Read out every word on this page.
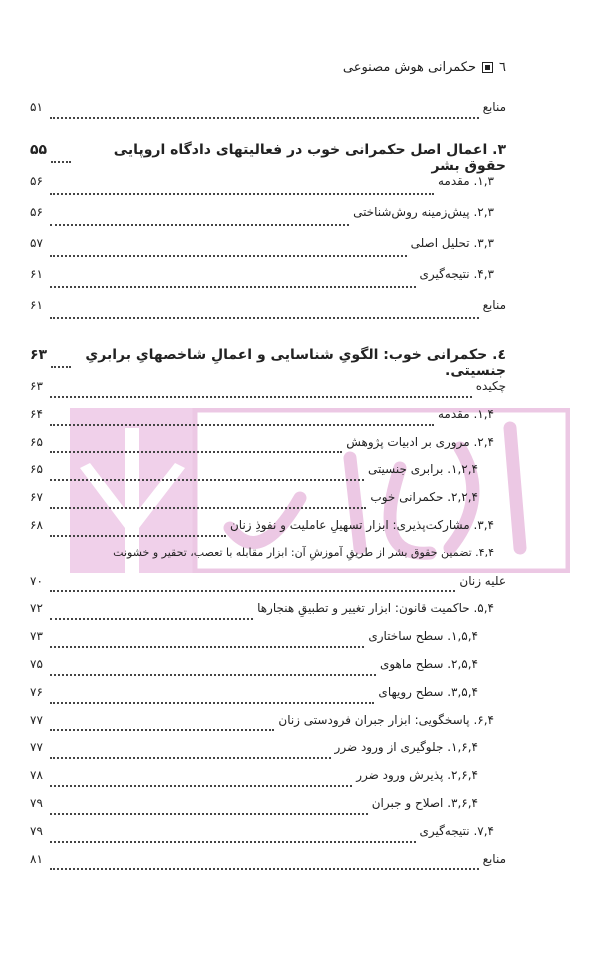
٦
حکمرانی هوش مصنوعی
منابع
۵۱
۳. اعمال اصل حکمرانی خوب در فعالیتهای دادگاه اروپایی حقوق بشر
۵۵
۱,۳. مقدمه
۵۶
۲,۳. پیش‌زمینه روش‌شناختی
۵۶
۳,۳. تحلیل اصلی
۵۷
۴,۳. نتیجه‌گیری
۶۱
منابع
۶۱
٤. حکمرانی خوب: الگویِ شناسایی و اعمالِ شاخصهایِ برابریِ جنسیتی.
۶۳
چکیده
۶۳
۱,۴. مقدمه
۶۴
۲,۴. مروری بر ادبیات پژوهش
۶۵
۱,۲,۴. برابری جنسیتی
۶۵
۲,۲,۴. حکمرانی خوب
۶۷
۳,۴. مشارکت‌پذیری: ابزار تسهیلِ عاملیت و نفوذِ زنان
۶۸
۴,۴. تضمین حقوق بشر از طریقِ آموزشِ آن: ابزار مقابله با تعصب، تحقیر و خشونت
علیه زنان
۷۰
۵,۴. حاکمیت قانون: ابزار تغییر و تطبیقِ هنجارها
۷۲
۱,۵,۴. سطح ساختاری
۷۳
۲,۵,۴. سطح ماهوی
۷۵
۳,۵,۴. سطح رویهای
۷۶
۶,۴. پاسخگویی: ابزار جبران فرودستی زنان
۷۷
۱,۶,۴. جلوگیری از ورود ضرر
۷۷
۲,۶,۴. پذیرش ورود ضرر
۷۸
۳,۶,۴. اصلاح و جبران
۷۹
۷,۴. نتیجه‌گیری
۷۹
منابع
۸۱
